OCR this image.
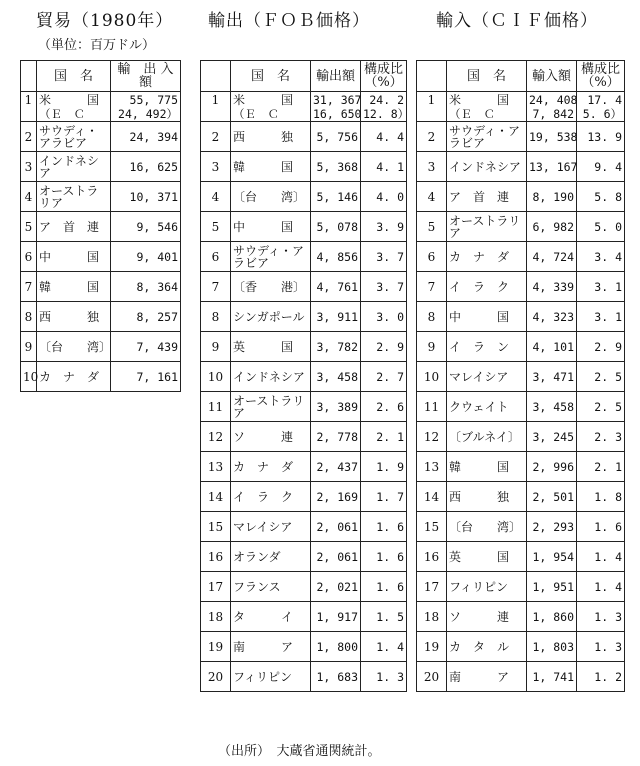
貿易（1980年）
（単位：百万ドル）
輸出（ＦＯＢ価格）	輸入（ＣＩＦ価格）
	国　名	輸　出 入　額
1	米　　　国	55, 775
	（Ｅ　Ｃ	24, 492）
2	サウディ・アラビア	24, 394
3	インドネシア	16, 625
4	オーストラリア	10, 371
5	ア　首　連	9, 546
6	中　　　国	9, 401
7	韓　　　国	8, 364
8	西　　　独	8, 257
9	〔台　　湾〕	7, 439
10	カ　ナ　ダ	7, 161
	国　名	輸出額	構成比 （%）
1	米　　　国	31, 367	24. 2
	（Ｅ　Ｃ	16, 650	12. 8）
2	西　　　独	5, 756	4. 4
3	韓　　　国	5, 368	4. 1
4	〔台　　湾〕	5, 146	4. 0
5	中　　　国	5, 078	3. 9
6	サウディ・アラビア	4, 856	3. 7
7	〔香　　港〕	4, 761	3. 7
8	シンガポール	3, 911	3. 0
9	英　　　国	3, 782	2. 9
10	インドネシア	3, 458	2. 7
11	オーストラリア	3, 389	2. 6
12	ソ　　　連	2, 778	2. 1
13	カ　ナ　ダ	2, 437	1. 9
14	イ　ラ　ク	2, 169	1. 7
15	マレイシア	2, 061	1. 6
16	オランダ	2, 061	1. 6
17	フランス	2, 021	1. 6
18	タ　　　イ	1, 917	1. 5
19	南　　　ア	1, 800	1. 4
20	フィリピン	1, 683	1. 3
	国　名	輸入額	構成比 （%）
1	米　　　国	24, 408	17. 4
	（Ｅ　Ｃ	7, 842	5. 6）
2	サウディ・アラビア	19, 538	13. 9
3	インドネシア	13, 167	9. 4
4	ア　首　連	8, 190	5. 8
5	オーストラリア	6, 982	5. 0
6	カ　ナ　ダ	4, 724	3. 4
7	イ　ラ　ク	4, 339	3. 1
8	中　　　国	4, 323	3. 1
9	イ　ラ　ン	4, 101	2. 9
10	マレイシア	3, 471	2. 5
11	クウェイト	3, 458	2. 5
12	〔ブルネイ〕	3, 245	2. 3
13	韓　　　国	2, 996	2. 1
14	西　　　独	2, 501	1. 8
15	〔台　　湾〕	2, 293	1. 6
16	英　　　国	1, 954	1. 4
17	フィリピン	1, 951	1. 4
18	ソ　　　連	1, 860	1. 3
19	カ　タ　ル	1, 803	1. 3
20	南　　　ア	1, 741	1. 2
（出所）　大蔵省通関統計。
